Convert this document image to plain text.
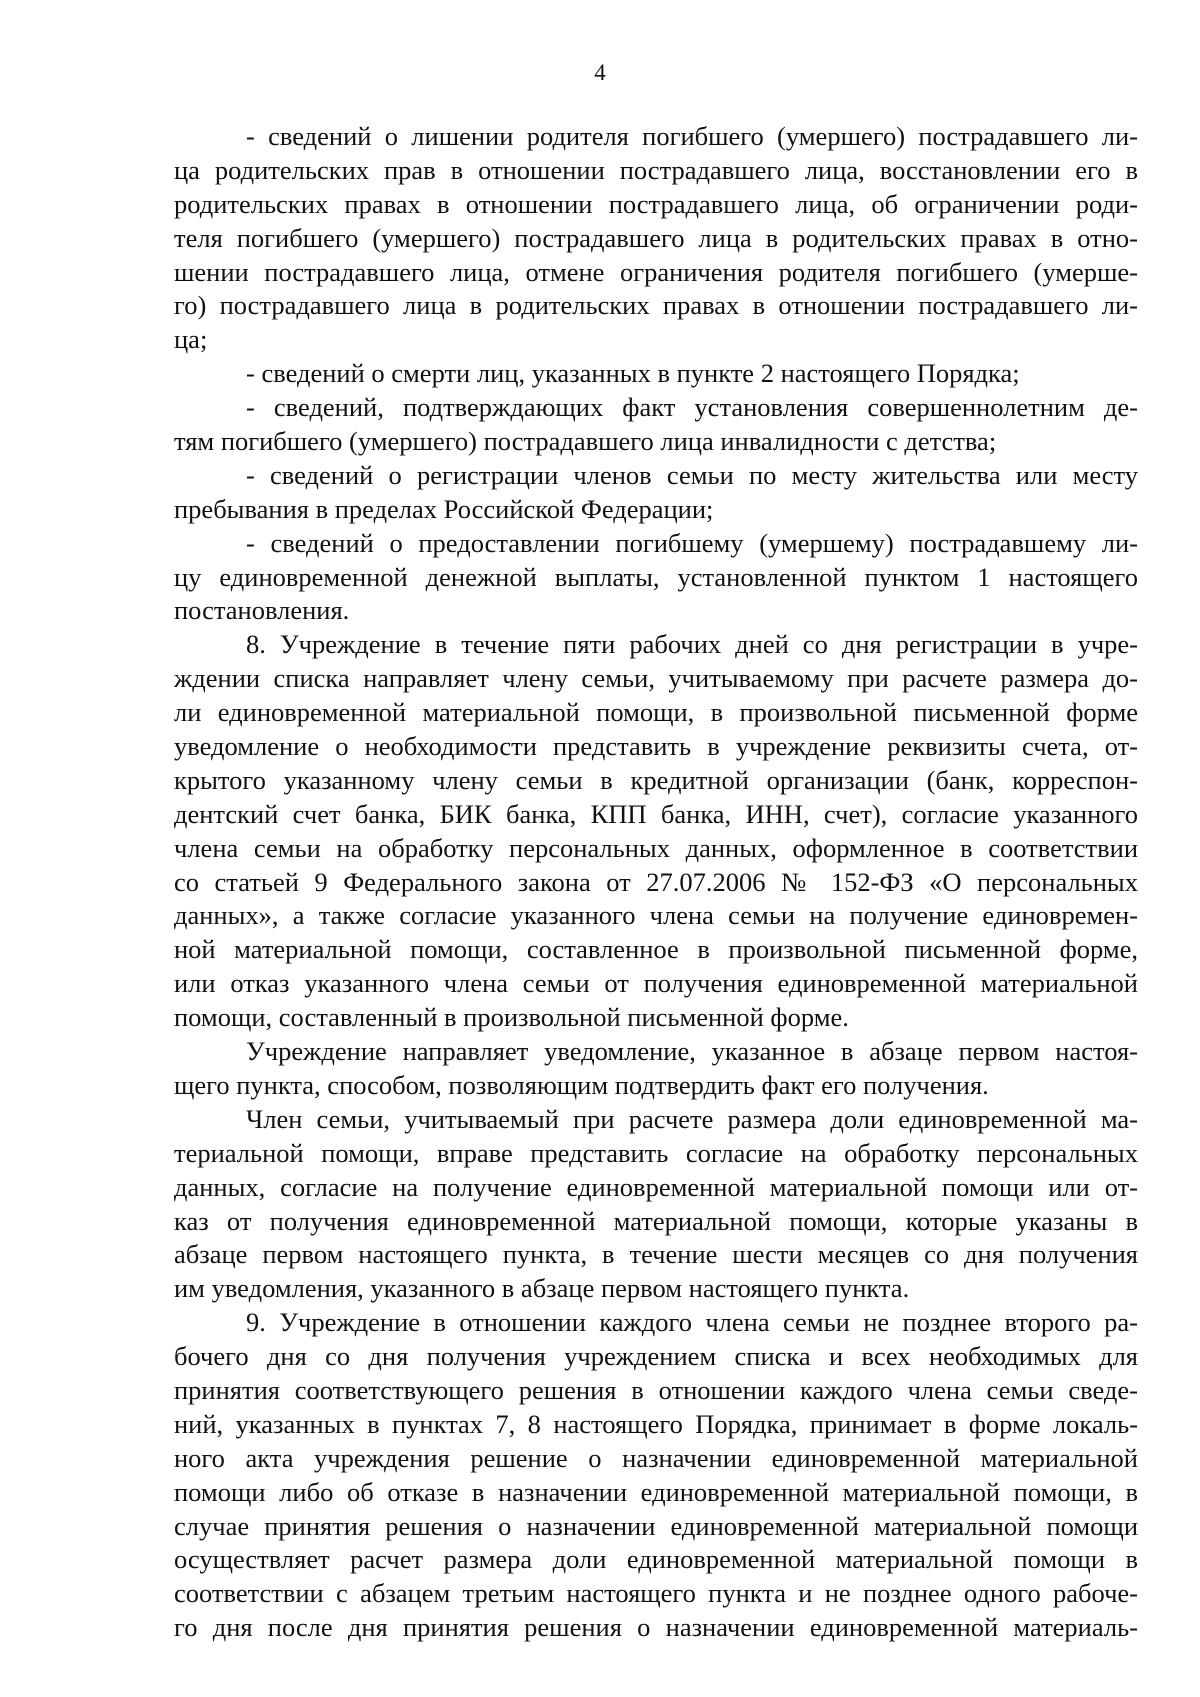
4
- сведений о лишении родителя погибшего (умершего) пострадавшего ли-
ца родительских прав в отношении пострадавшего лица, восстановлении его в
родительских правах в отношении пострадавшего лица, об ограничении роди-
теля погибшего (умершего) пострадавшего лица в родительских правах в отно-
шении пострадавшего лица, отмене ограничения родителя погибшего (умерше-
го) пострадавшего лица в родительских правах в отношении пострадавшего ли-
ца;
- сведений о смерти лиц, указанных в пункте 2 настоящего Порядка;
- сведений, подтверждающих факт установления совершеннолетним де-
тям погибшего (умершего) пострадавшего лица инвалидности с детства;
- сведений о регистрации членов семьи по месту жительства или месту
пребывания в пределах Российской Федерации;
- сведений о предоставлении погибшему (умершему) пострадавшему ли-
цу единовременной денежной выплаты, установленной пунктом 1 настоящего
постановления.
8. Учреждение в течение пяти рабочих дней со дня регистрации в учре-
ждении списка направляет члену семьи, учитываемому при расчете размера до-
ли единовременной материальной помощи, в произвольной письменной форме
уведомление о необходимости представить в учреждение реквизиты счета, от-
крытого указанному члену семьи в кредитной организации (банк, корреспон-
дентский счет банка, БИК банка, КПП банка, ИНН, счет), согласие указанного
члена семьи на обработку персональных данных, оформленное в соответствии
со статьей 9 Федерального закона от 27.07.2006 № 152-ФЗ «О персональных
данных», а также согласие указанного члена семьи на получение единовремен-
ной материальной помощи, составленное в произвольной письменной форме,
или отказ указанного члена семьи от получения единовременной материальной
помощи, составленный в произвольной письменной форме.
Учреждение направляет уведомление, указанное в абзаце первом настоя-
щего пункта, способом, позволяющим подтвердить факт его получения.
Член семьи, учитываемый при расчете размера доли единовременной ма-
териальной помощи, вправе представить согласие на обработку персональных
данных, согласие на получение единовременной материальной помощи или от-
каз от получения единовременной материальной помощи, которые указаны в
абзаце первом настоящего пункта, в течение шести месяцев со дня получения
им уведомления, указанного в абзаце первом настоящего пункта.
9. Учреждение в отношении каждого члена семьи не позднее второго ра-
бочего дня со дня получения учреждением списка и всех необходимых для
принятия соответствующего решения в отношении каждого члена семьи сведе-
ний, указанных в пунктах 7, 8 настоящего Порядка, принимает в форме локаль-
ного акта учреждения решение о назначении единовременной материальной
помощи либо об отказе в назначении единовременной материальной помощи, в
случае принятия решения о назначении единовременной материальной помощи
осуществляет расчет размера доли единовременной материальной помощи в
соответствии с абзацем третьим настоящего пункта и не позднее одного рабоче-
го дня после дня принятия решения о назначении единовременной материаль-
